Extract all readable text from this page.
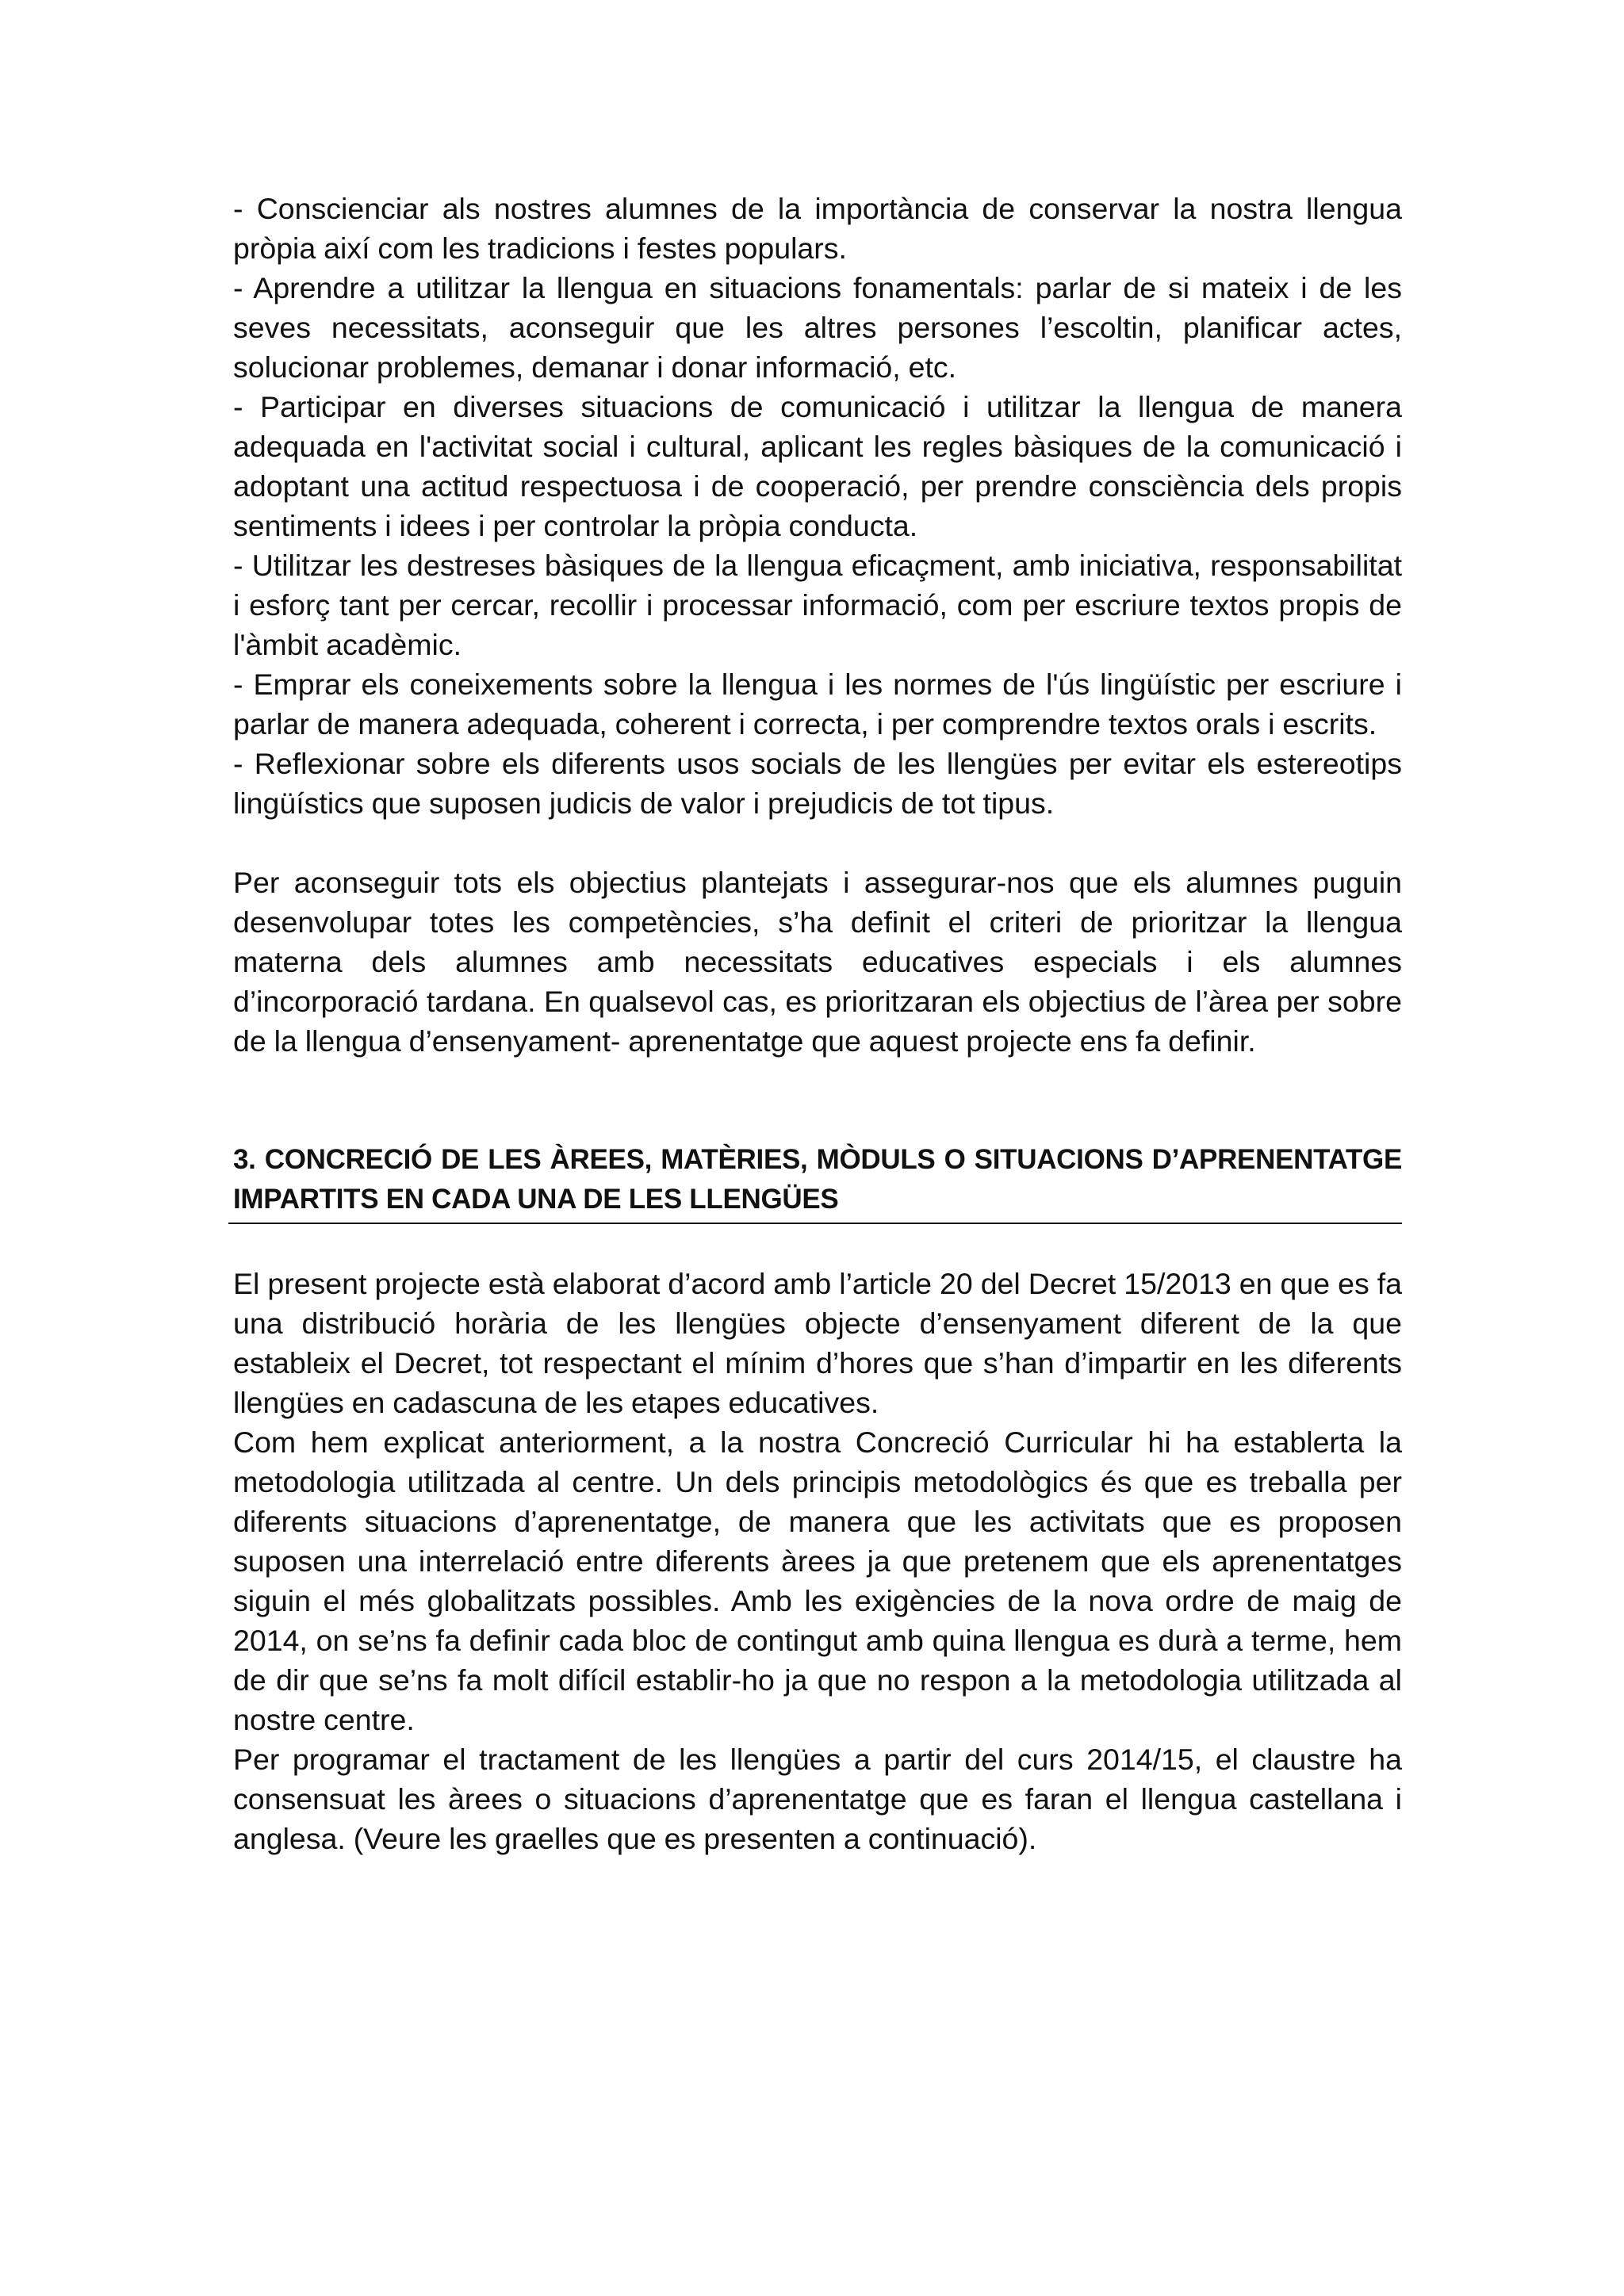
- Conscienciar als nostres alumnes de la importància de conservar la nostra llengua pròpia així com les tradicions i festes populars.

- Aprendre a utilitzar la llengua en situacions fonamentals: parlar de si mateix i de les seves necessitats, aconseguir que les altres persones l’escoltin, planificar actes, solucionar problemes, demanar i donar informació, etc.

- Participar en diverses situacions de comunicació i utilitzar la llengua de manera adequada en l'activitat social i cultural, aplicant les regles bàsiques de la comunicació i adoptant una actitud respectuosa i de cooperació, per prendre consciència dels propis sentiments i idees i per controlar la pròpia conducta.

- Utilitzar les destreses bàsiques de la llengua eficaçment, amb iniciativa, responsabilitat i esforç tant per cercar, recollir i processar informació, com per escriure textos propis de l'àmbit acadèmic.

- Emprar els coneixements sobre la llengua i les normes de l'ús lingüístic per escriure i parlar de manera adequada, coherent i correcta, i per comprendre textos orals i escrits.

- Reflexionar sobre els diferents usos socials de les llengües per evitar els estereotips lingüístics que suposen judicis de valor i prejudicis de tot tipus.

Per aconseguir tots els objectius plantejats i assegurar-nos que els alumnes puguin desenvolupar totes les competències, s’ha definit el criteri de prioritzar la llengua materna dels alumnes amb necessitats educatives especials i els alumnes d’incorporació tardana. En qualsevol cas, es prioritzaran els objectius de l’àrea per sobre de la llengua d’ensenyament- aprenentatge que aquest projecte ens fa definir.

3. CONCRECIÓ DE LES ÀREES, MATÈRIES, MÒDULS O SITUACIONS D’APRENENTATGE IMPARTITS EN CADA UNA DE LES LLENGÜES

El present projecte està elaborat d’acord amb l’article 20 del Decret 15/2013 en que es fa una distribució horària de les llengües objecte d’ensenyament diferent de la que estableix el Decret, tot respectant el mínim d’hores que s’han d’impartir en les diferents llengües en cadascuna de les etapes educatives.

Com hem explicat anteriorment, a la nostra Concreció Curricular hi ha establerta la metodologia utilitzada al centre. Un dels principis metodològics és que es treballa per diferents situacions d’aprenentatge, de manera que les activitats que es proposen suposen una interrelació entre diferents àrees ja que pretenem que els aprenentatges siguin el més globalitzats possibles. Amb les exigències de la nova ordre de maig de 2014, on se’ns fa definir cada bloc de contingut amb quina llengua es durà a terme, hem de dir que se’ns fa molt difícil establir-ho ja que no respon a la metodologia utilitzada al nostre centre.

Per programar el tractament de les llengües a partir del curs 2014/15, el claustre ha consensuat les àrees o situacions d’aprenentatge que es faran el llengua castellana i anglesa. (Veure les graelles que es presenten a continuació).
